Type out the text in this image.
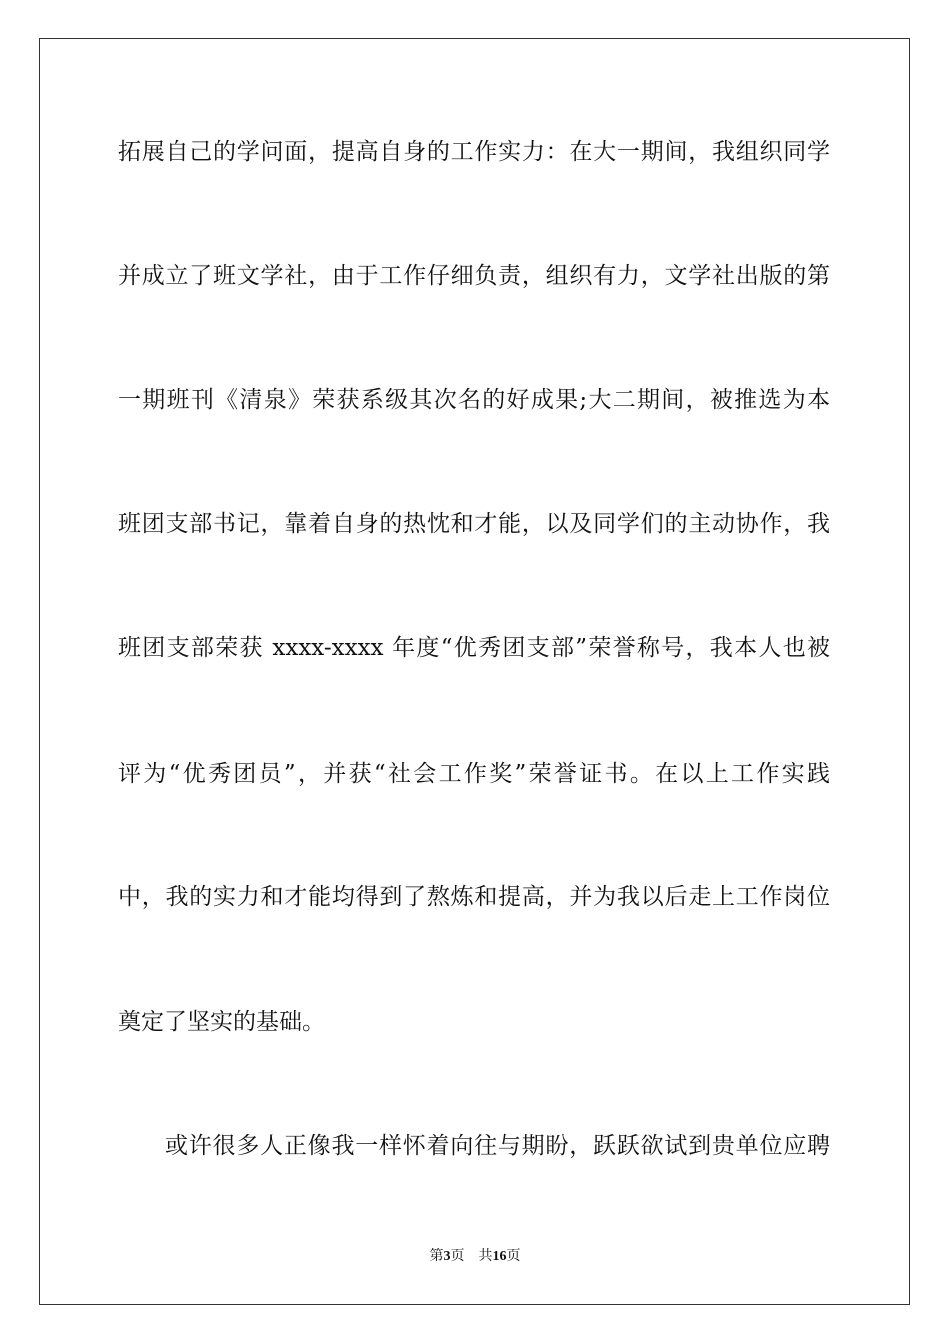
拓展自己的学问面，提高自身的工作实力：在大一期间，我组织同学
并成立了班文学社，由于工作仔细负责，组织有力，文学社出版的第
一期班刊《清泉》荣获系级其次名的好成果;大二期间，被推选为本
班团支部书记，靠着自身的热忱和才能，以及同学们的主动协作，我
班团支部荣获 xxxx-xxxx 年度“优秀团支部”荣誉称号，我本人也被
评为“优秀团员”，并获“社会工作奖”荣誉证书。在以上工作实践
中，我的实力和才能均得到了熬炼和提高，并为我以后走上工作岗位
奠定了坚实的基础。
或许很多人正像我一样怀着向往与期盼，跃跃欲试到贵单位应聘
第3页 共16页
